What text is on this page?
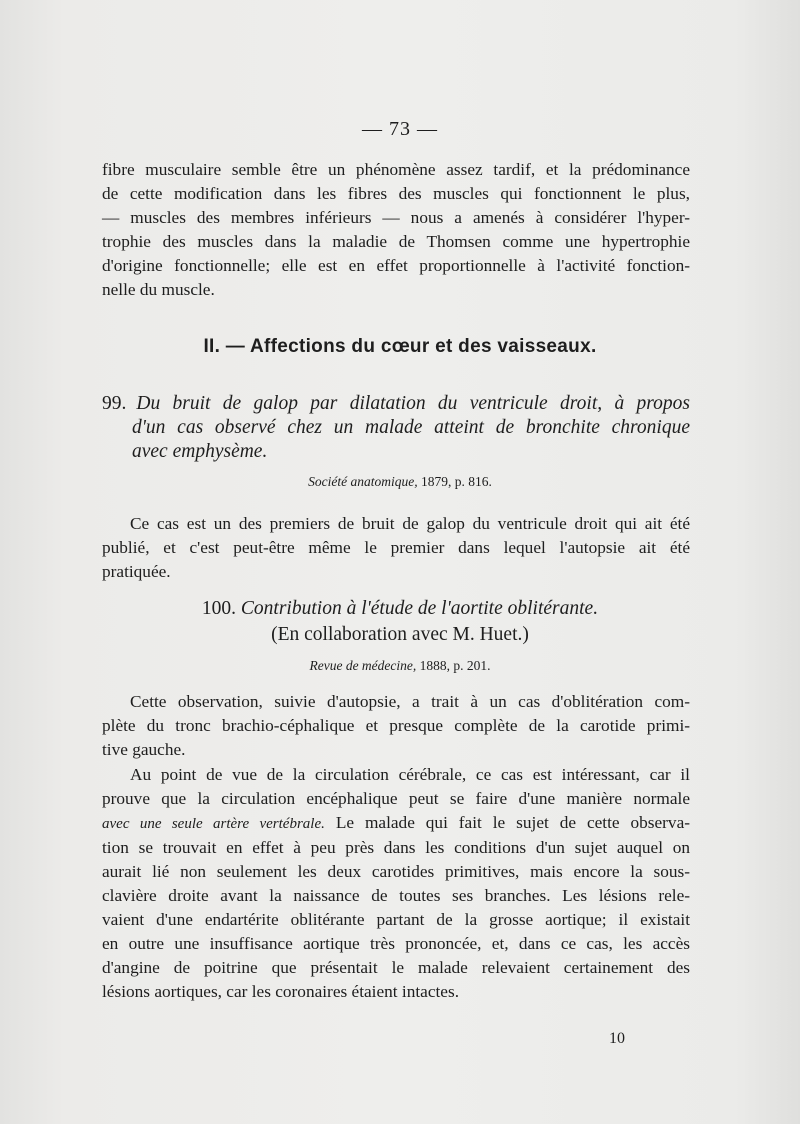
— 73 —
fibre musculaire semble être un phénomène assez tardif, et la prédominance
de cette modification dans les fibres des muscles qui fonctionnent le plus,
— muscles des membres inférieurs — nous a amenés à considérer l'hyper-
trophie des muscles dans la maladie de Thomsen comme une hypertrophie
d'origine fonctionnelle; elle est en effet proportionnelle à l'activité fonction-
nelle du muscle.
II. — Affections du cœur et des vaisseaux.
99. Du bruit de galop par dilatation du ventricule droit, à propos
d'un cas observé chez un malade atteint de bronchite chronique
avec emphysème.
Société anatomique, 1879, p. 816.
Ce cas est un des premiers de bruit de galop du ventricule droit qui ait été
publié, et c'est peut-être même le premier dans lequel l'autopsie ait été
pratiquée.
100. Contribution à l'étude de l'aortite oblitérante.
(En collaboration avec M. Huet.)
Revue de médecine, 1888, p. 201.
Cette observation, suivie d'autopsie, a trait à un cas d'oblitération com-
plète du tronc brachio-céphalique et presque complète de la carotide primi-
tive gauche.
Au point de vue de la circulation cérébrale, ce cas est intéressant, car il
prouve que la circulation encéphalique peut se faire d'une manière normale
avec une seule artère vertébrale. Le malade qui fait le sujet de cette observa-
tion se trouvait en effet à peu près dans les conditions d'un sujet auquel on
aurait lié non seulement les deux carotides primitives, mais encore la sous-
clavière droite avant la naissance de toutes ses branches. Les lésions rele-
vaient d'une endartérite oblitérante partant de la grosse aortique; il existait
en outre une insuffisance aortique très prononcée, et, dans ce cas, les accès
d'angine de poitrine que présentait le malade relevaient certainement des
lésions aortiques, car les coronaires étaient intactes.
10
